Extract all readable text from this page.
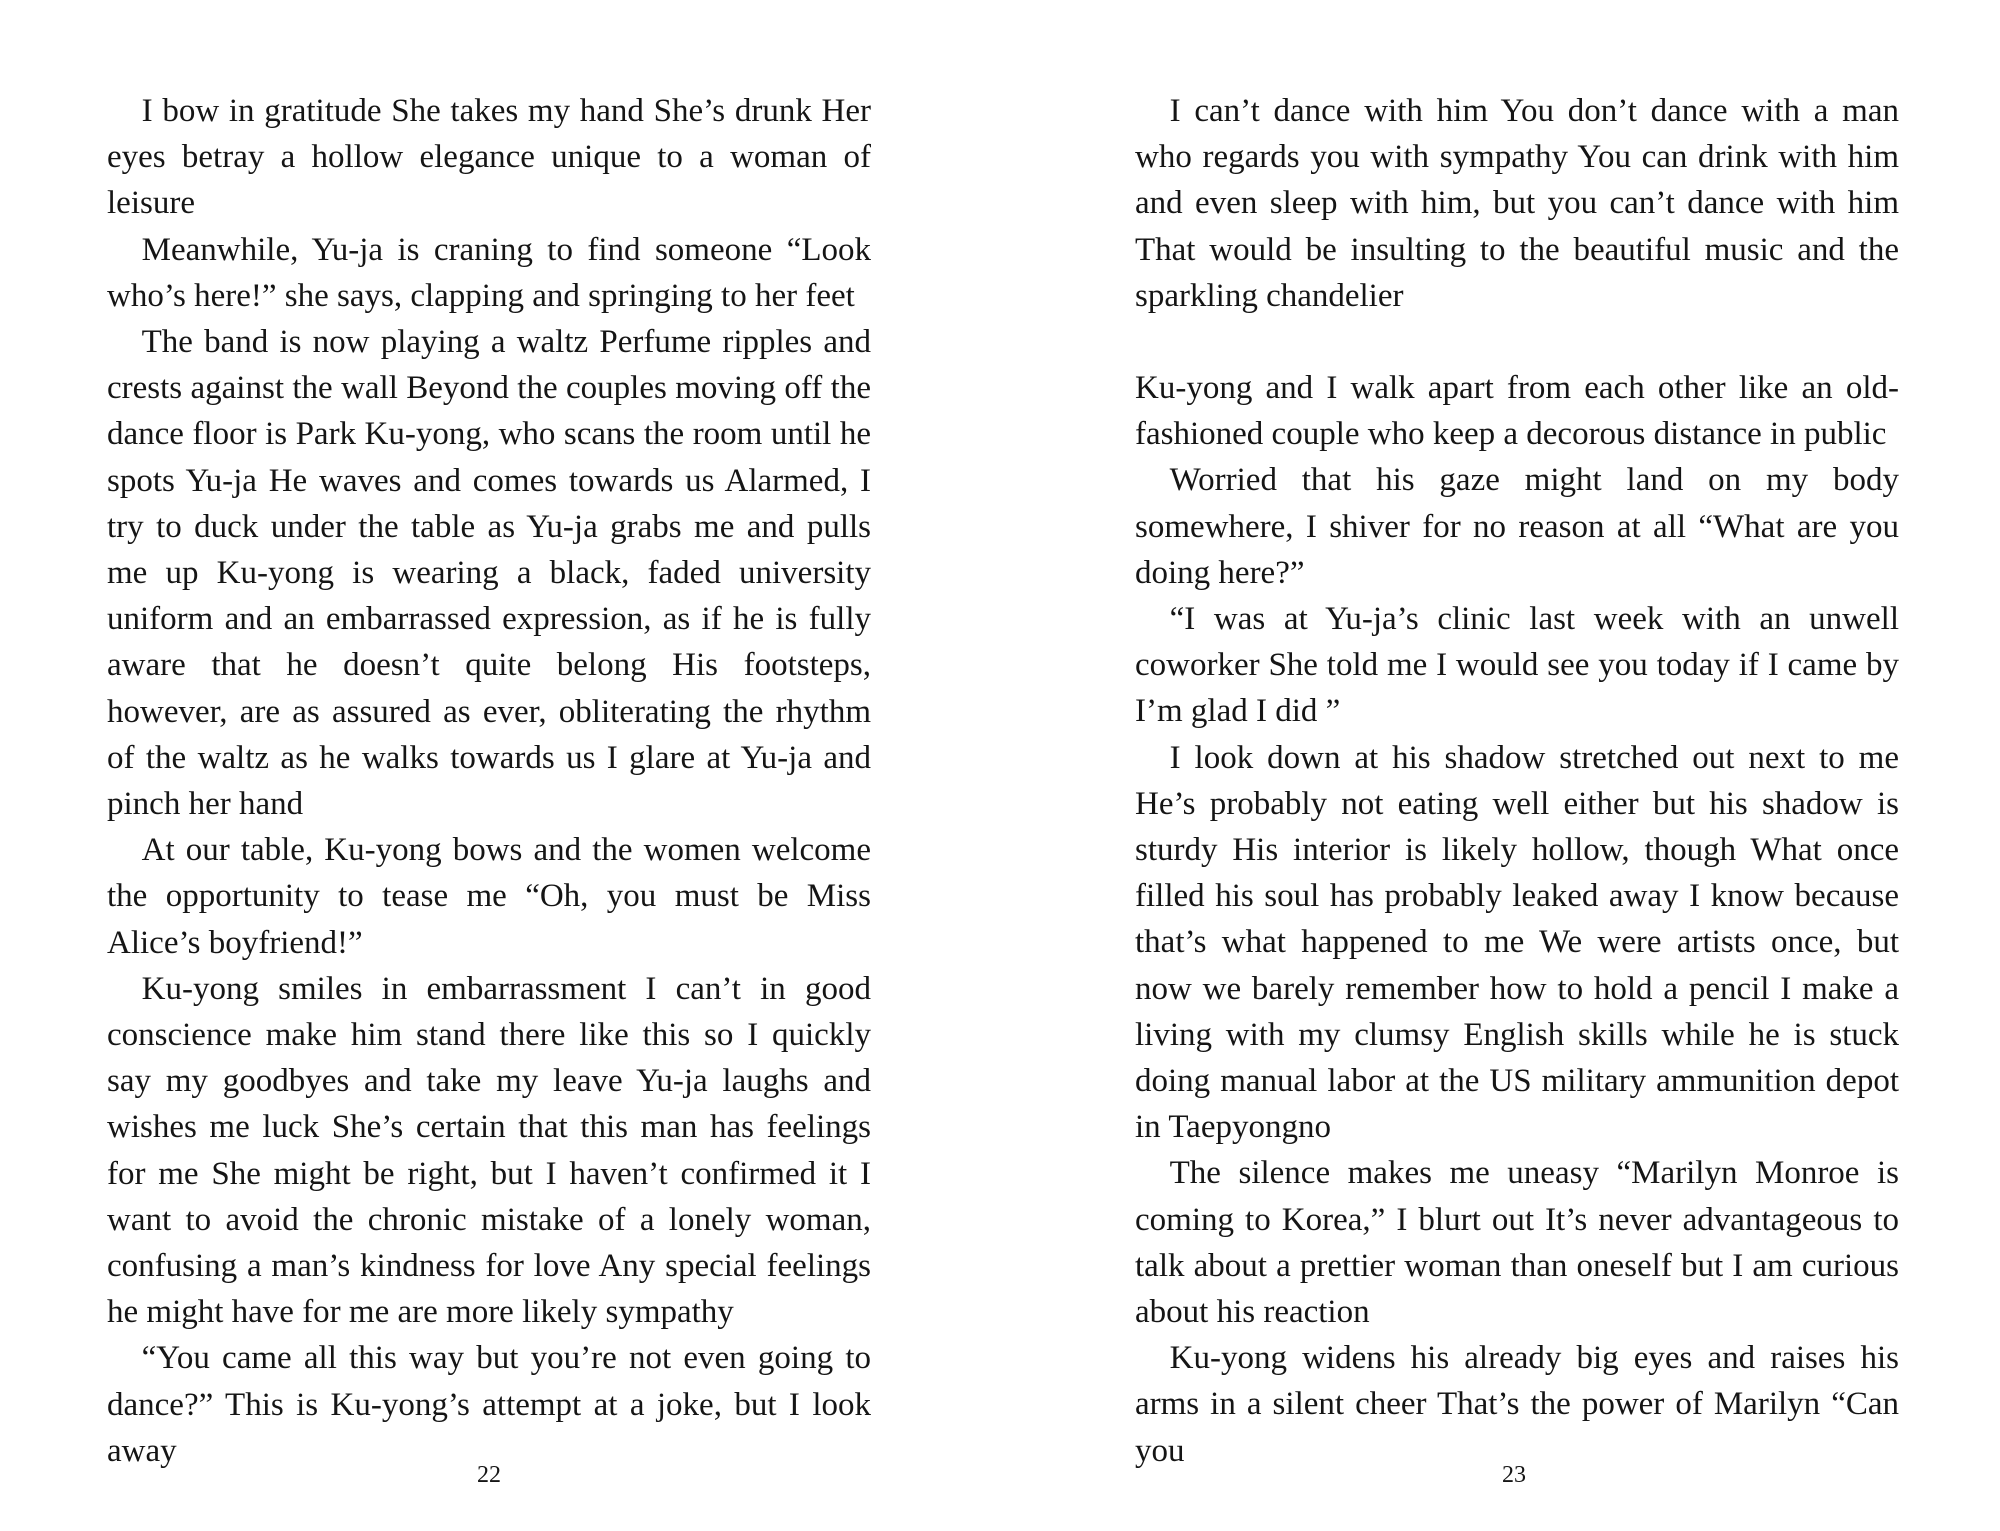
I bow in gratitude She takes my hand She’s drunk Her eyes betray a hollow elegance unique to a woman of leisure

Meanwhile, Yu-ja is craning to find someone “Look who’s here!” she says, clapping and springing to her feet

The band is now playing a waltz Perfume ripples and crests against the wall Beyond the couples moving off the dance floor is Park Ku-yong, who scans the room until he spots Yu-ja He waves and comes towards us Alarmed, I try to duck under the table as Yu-ja grabs me and pulls me up Ku-yong is wearing a black, faded university uniform and an embarrassed expression, as if he is fully aware that he doesn’t quite belong His footsteps, however, are as assured as ever, obliterating the rhythm of the waltz as he walks towards us I glare at Yu-ja and pinch her hand

At our table, Ku-yong bows and the women welcome the opportunity to tease me “Oh, you must be Miss Alice’s boyfriend!”

Ku-yong smiles in embarrassment I can’t in good conscience make him stand there like this so I quickly say my goodbyes and take my leave Yu-ja laughs and wishes me luck She’s certain that this man has feelings for me She might be right, but I haven’t confirmed it I want to avoid the chronic mistake of a lonely woman, confusing a man’s kindness for love Any special feelings he might have for me are more likely sympathy

“You came all this way but you’re not even going to dance?” This is Ku-yong’s attempt at a joke, but I look away

22

I can’t dance with him You don’t dance with a man who regards you with sympathy You can drink with him and even sleep with him, but you can’t dance with him That would be insulting to the beautiful music and the sparkling chandelier

Ku-yong and I walk apart from each other like an old-fashioned couple who keep a decorous distance in public

Worried that his gaze might land on my body somewhere, I shiver for no reason at all “What are you doing here?”

“I was at Yu-ja’s clinic last week with an unwell coworker She told me I would see you today if I came by I’m glad I did ”

I look down at his shadow stretched out next to me He’s probably not eating well either but his shadow is sturdy His interior is likely hollow, though What once filled his soul has probably leaked away I know because that’s what happened to me We were artists once, but now we barely remember how to hold a pencil I make a living with my clumsy English skills while he is stuck doing manual labor at the US military ammunition depot in Taepyongno

The silence makes me uneasy “Marilyn Monroe is coming to Korea,” I blurt out It’s never advantageous to talk about a prettier woman than oneself but I am curious about his reaction

Ku-yong widens his already big eyes and raises his arms in a silent cheer That’s the power of Marilyn “Can you

23
